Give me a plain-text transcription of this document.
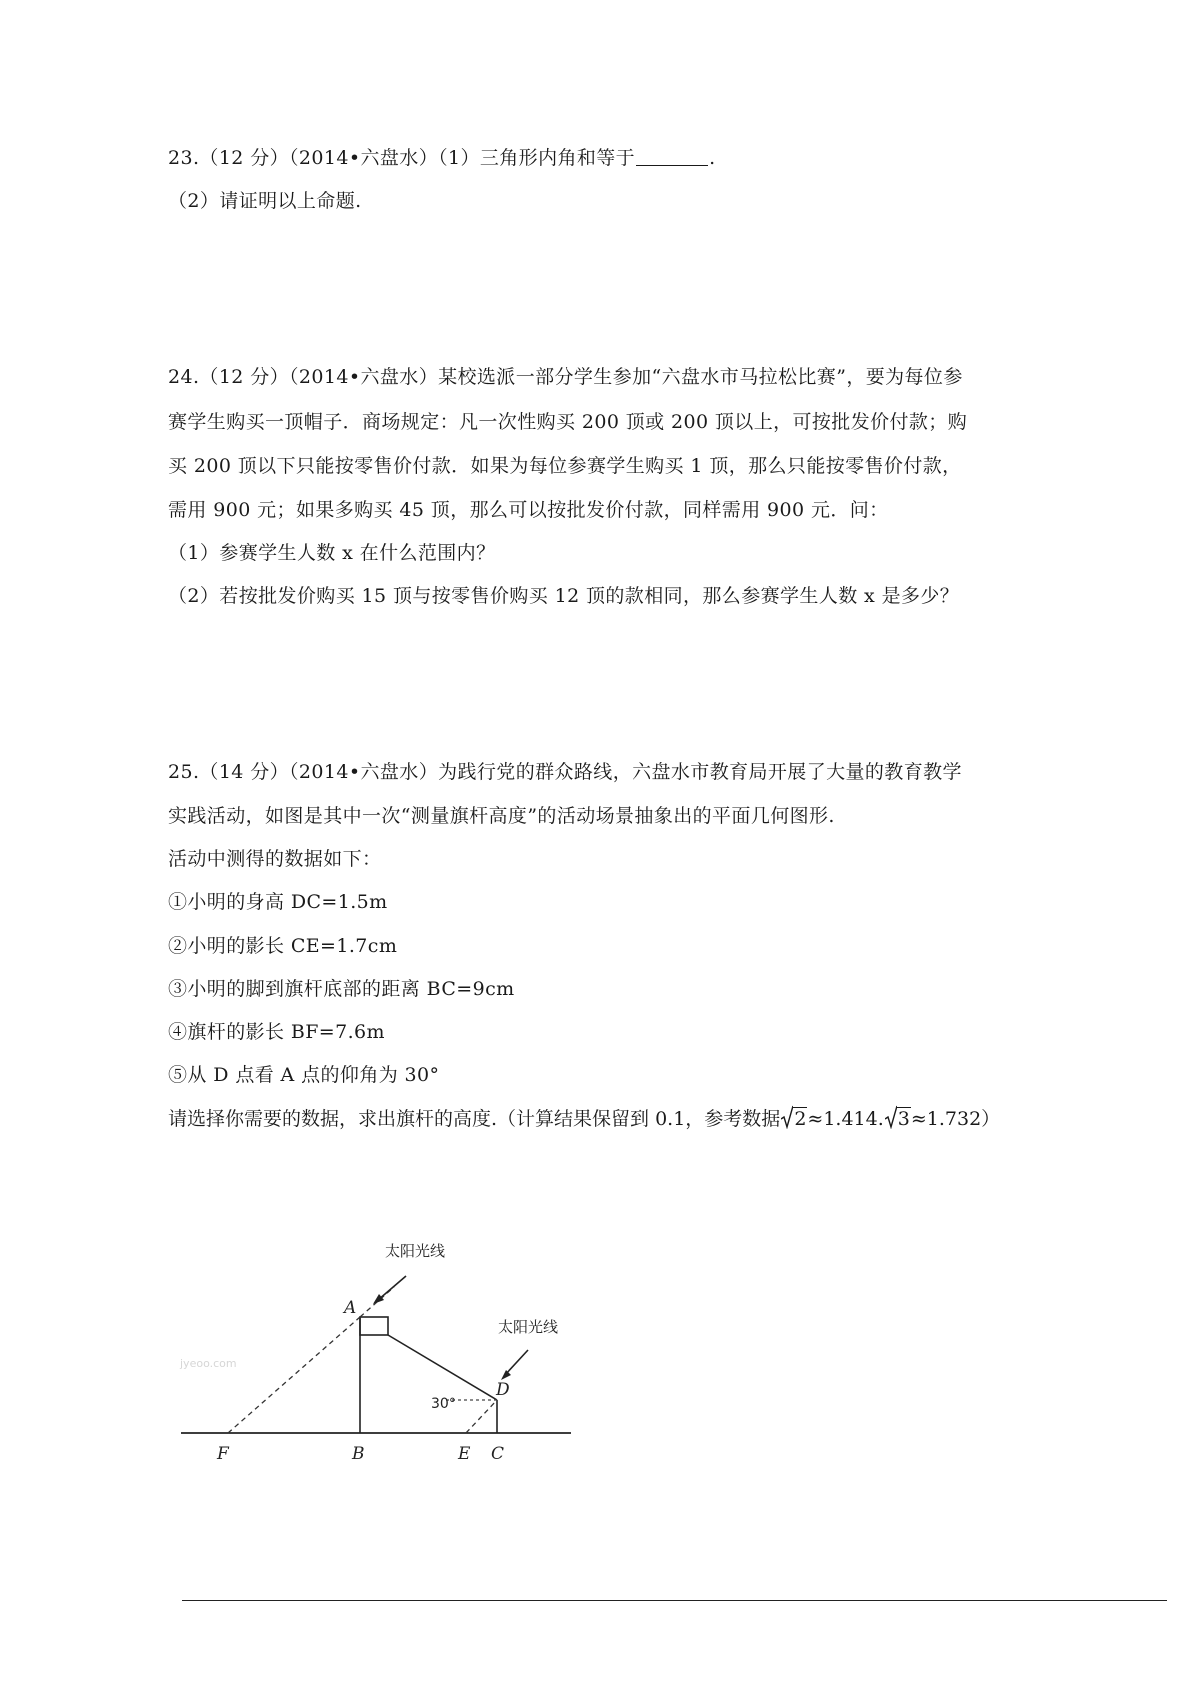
23.（12 分）（2014•六盘水）（1）三角形内角和等于	.
（2）请证明以上命题.
24.（12 分）（2014•六盘水）某校选派一部分学生参加“六盘水市马拉松比赛”，要为每位参
赛学生购买一顶帽子．商场规定：凡一次性购买 200 顶或 200 顶以上，可按批发价付款；购
买 200 顶以下只能按零售价付款．如果为每位参赛学生购买 1 顶，那么只能按零售价付款，
需用 900 元；如果多购买 45 顶，那么可以按批发价付款，同样需用 900 元．问：
（1）参赛学生人数 x 在什么范围内？
（2）若按批发价购买 15 顶与按零售价购买 12 顶的款相同，那么参赛学生人数 x 是多少？
25.（14 分）（2014•六盘水）为践行党的群众路线，六盘水市教育局开展了大量的教育教学
实践活动，如图是其中一次“测量旗杆高度”的活动场景抽象出的平面几何图形.
活动中测得的数据如下：
①小明的身高 DC=1.5m
②小明的影长 CE=1.7cm
③小明的脚到旗杆底部的距离 BC=9cm
④旗杆的影长 BF=7.6m
⑤从 D 点看 A 点的仰角为 30°
请选择你需要的数据，求出旗杆的高度.（计算结果保留到 0.1，参考数据 2≈1.414. 3≈1.732）
太阳光线
太阳光线
A
D
30°
F	B	E C
jyeoo.com
